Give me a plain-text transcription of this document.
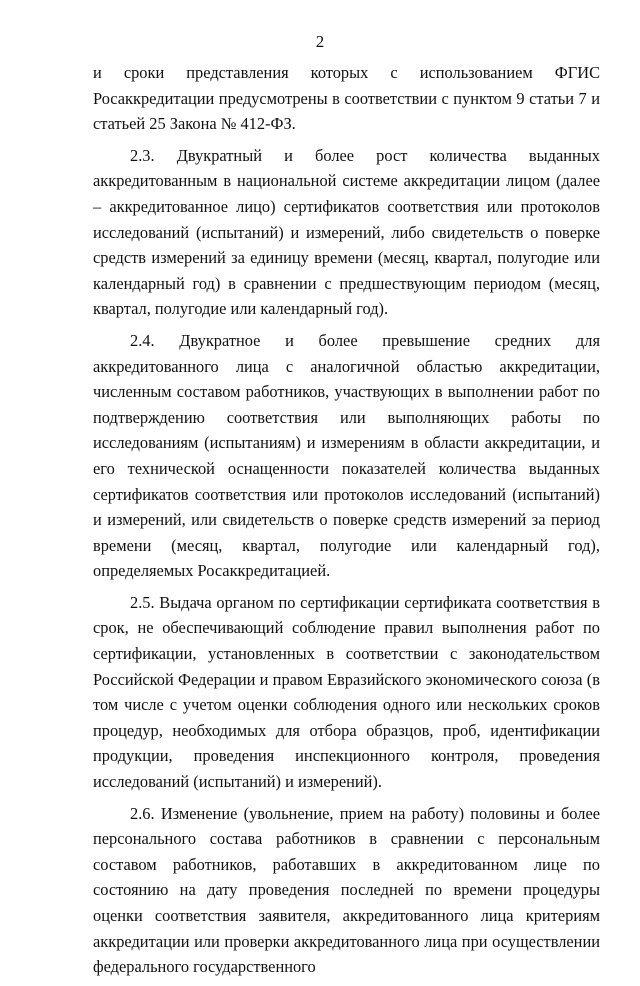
2

и сроки представления которых с использованием ФГИС Росаккредитации предусмотрены в соответствии с пунктом 9 статьи 7 и статьей 25 Закона № 412-ФЗ.

2.3. Двукратный и более рост количества выданных аккредитованным в национальной системе аккредитации лицом (далее – аккредитованное лицо) сертификатов соответствия или протоколов исследований (испытаний) и измерений, либо свидетельств о поверке средств измерений за единицу времени (месяц, квартал, полугодие или календарный год) в сравнении с предшествующим периодом (месяц, квартал, полугодие или календарный год).

2.4. Двукратное и более превышение средних для аккредитованного лица с аналогичной областью аккредитации, численным составом работников, участвующих в выполнении работ по подтверждению соответствия или выполняющих работы по исследованиям (испытаниям) и измерениям в области аккредитации, и его технической оснащенности показателей количества выданных сертификатов соответствия или протоколов исследований (испытаний) и измерений, или свидетельств о поверке средств измерений за период времени (месяц, квартал, полугодие или календарный год), определяемых Росаккредитацией.

2.5. Выдача органом по сертификации сертификата соответствия в срок, не обеспечивающий соблюдение правил выполнения работ по сертификации, установленных в соответствии с законодательством Российской Федерации и правом Евразийского экономического союза (в том числе с учетом оценки соблюдения одного или нескольких сроков процедур, необходимых для отбора образцов, проб, идентификации продукции, проведения инспекционного контроля, проведения исследований (испытаний) и измерений).

2.6. Изменение (увольнение, прием на работу) половины и более персонального состава работников в сравнении с персональным составом работников, работавших в аккредитованном лице по состоянию на дату проведения последней по времени процедуры оценки соответствия заявителя, аккредитованного лица критериям аккредитации или проверки аккредитованного лица при осуществлении федерального государственного
